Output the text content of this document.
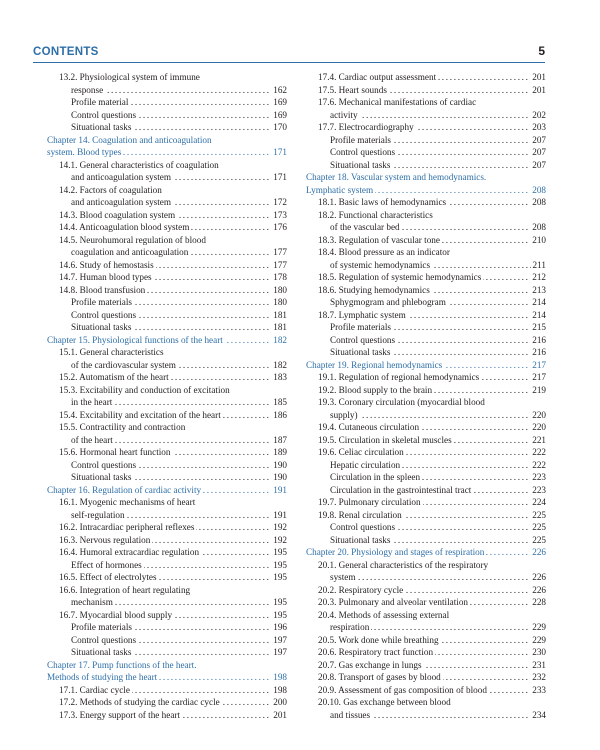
CONTENTS	5
13.2. Physiological system of immune
response	162
. . .
Profile material	169
. . .
Control questions	169
. . .
Situational tasks	170
. . .
Chapter 14. Coagulation and anticoagulation
system. Blood types	171
. . .
14.1. General characteristics of coagulation
and anticoagulation system	171
. . .
14.2. Factors of coagulation
and anticoagulation system	172
. . .
14.3. Blood coagulation system	173
. . .
14.4. Anticoagulation blood system	176
. . .
14.5. Neurohumoral regulation of blood
coagulation and anticoagulation	177
. . .
14.6. Study of hemostasis	177
. . .
14.7. Human blood types	178
. . .
14.8. Blood transfusion	180
. . .
Profile materials	180
. . .
Control questions	181
. . .
Situational tasks	181
. . .
Chapter 15. Physiological functions of the heart	182
. . .
15.1. General characteristics
of the cardiovascular system	182
. . .
15.2. Automatism of the heart	183
. . .
15.3. Excitability and conduction of excitation
in the heart	185
. . .
15.4. Excitability and excitation of the heart	186
. . .
15.5. Contractility and contraction
of the heart	187
. . .
15.6. Hormonal heart function	189
. . .
Control questions	190
. . .
Situational tasks	190
. . .
Chapter 16. Regulation of cardiac activity	191
. . .
16.1. Myogenic mechanisms of heart
self-regulation	191
. . .
16.2. Intracardiac peripheral reflexes	192
. . .
16.3. Nervous regulation	192
. . .
16.4. Humoral extracardiac regulation	195
. . .
Effect of hormones	195
. . .
16.5. Effect of electrolytes	195
. . .
16.6. Integration of heart regulating
mechanism	195
. . .
16.7. Myocardial blood supply	195
. . .
Profile materials	196
. . .
Control questions	197
. . .
Situational tasks	197
. . .
Chapter 17. Pump functions of the heart.
Methods of studying the heart	198
. . .
17.1. Cardiac cycle	198
. . .
17.2. Methods of studying the cardiac cycle	200
. . .
17.3. Energy support of the heart	201
. . .
17.4. Cardiac output assessment	201
. . .
17.5. Heart sounds	201
. . .
17.6. Mechanical manifestations of cardiac
activity	202
. . .
17.7. Electrocardiography	203
. . .
Profile materials	207
. . .
Control questions	207
. . .
Situational tasks	207
. . .
Chapter 18. Vascular system and hemodynamics.
Lymphatic system	208
. . .
18.1. Basic laws of hemodynamics	208
. . .
18.2. Functional characteristics
of the vascular bed	208
. . .
18.3. Regulation of vascular tone	210
. . .
18.4. Blood pressure as an indicator
of systemic hemodynamics	211
. . .
18.5. Regulation of systemic hemodynamics	212
. . .
18.6. Studying hemodynamics	213
. . .
Sphygmogram and phlebogram	214
. . .
18.7. Lymphatic system	214
. . .
Profile materials	215
. . .
Control questions	216
. . .
Situational tasks	216
. . .
Chapter 19. Regional hemodynamics	217
. . .
19.1. Regulation of regional hemodynamics	217
. . .
19.2. Blood supply to the brain	219
. . .
19.3. Coronary circulation (myocardial blood
supply)	220
. . .
19.4. Cutaneous circulation	220
. . .
19.5. Circulation in skeletal muscles	221
. . .
19.6. Celiac circulation	222
. . .
Hepatic circulation	222
. . .
Circulation in the spleen	223
. . .
Circulation in the gastrointestinal tract	223
. . .
19.7. Pulmonary circulation	224
. . .
19.8. Renal circulation	225
. . .
Control questions	225
. . .
Situational tasks	225
. . .
Chapter 20. Physiology and stages of respiration	226
. . .
20.1. General characteristics of the respiratory
system	226
. . .
20.2. Respiratory cycle	226
. . .
20.3. Pulmonary and alveolar ventilation	228
. . .
20.4. Methods of assessing external
respiration	229
. . .
20.5. Work done while breathing	229
. . .
20.6. Respiratory tract function	230
. . .
20.7. Gas exchange in lungs	231
. . .
20.8. Transport of gases by blood	232
. . .
20.9. Assessment of gas composition of blood	233
. . .
20.10. Gas exchange between blood
and tissues	234
. . .
